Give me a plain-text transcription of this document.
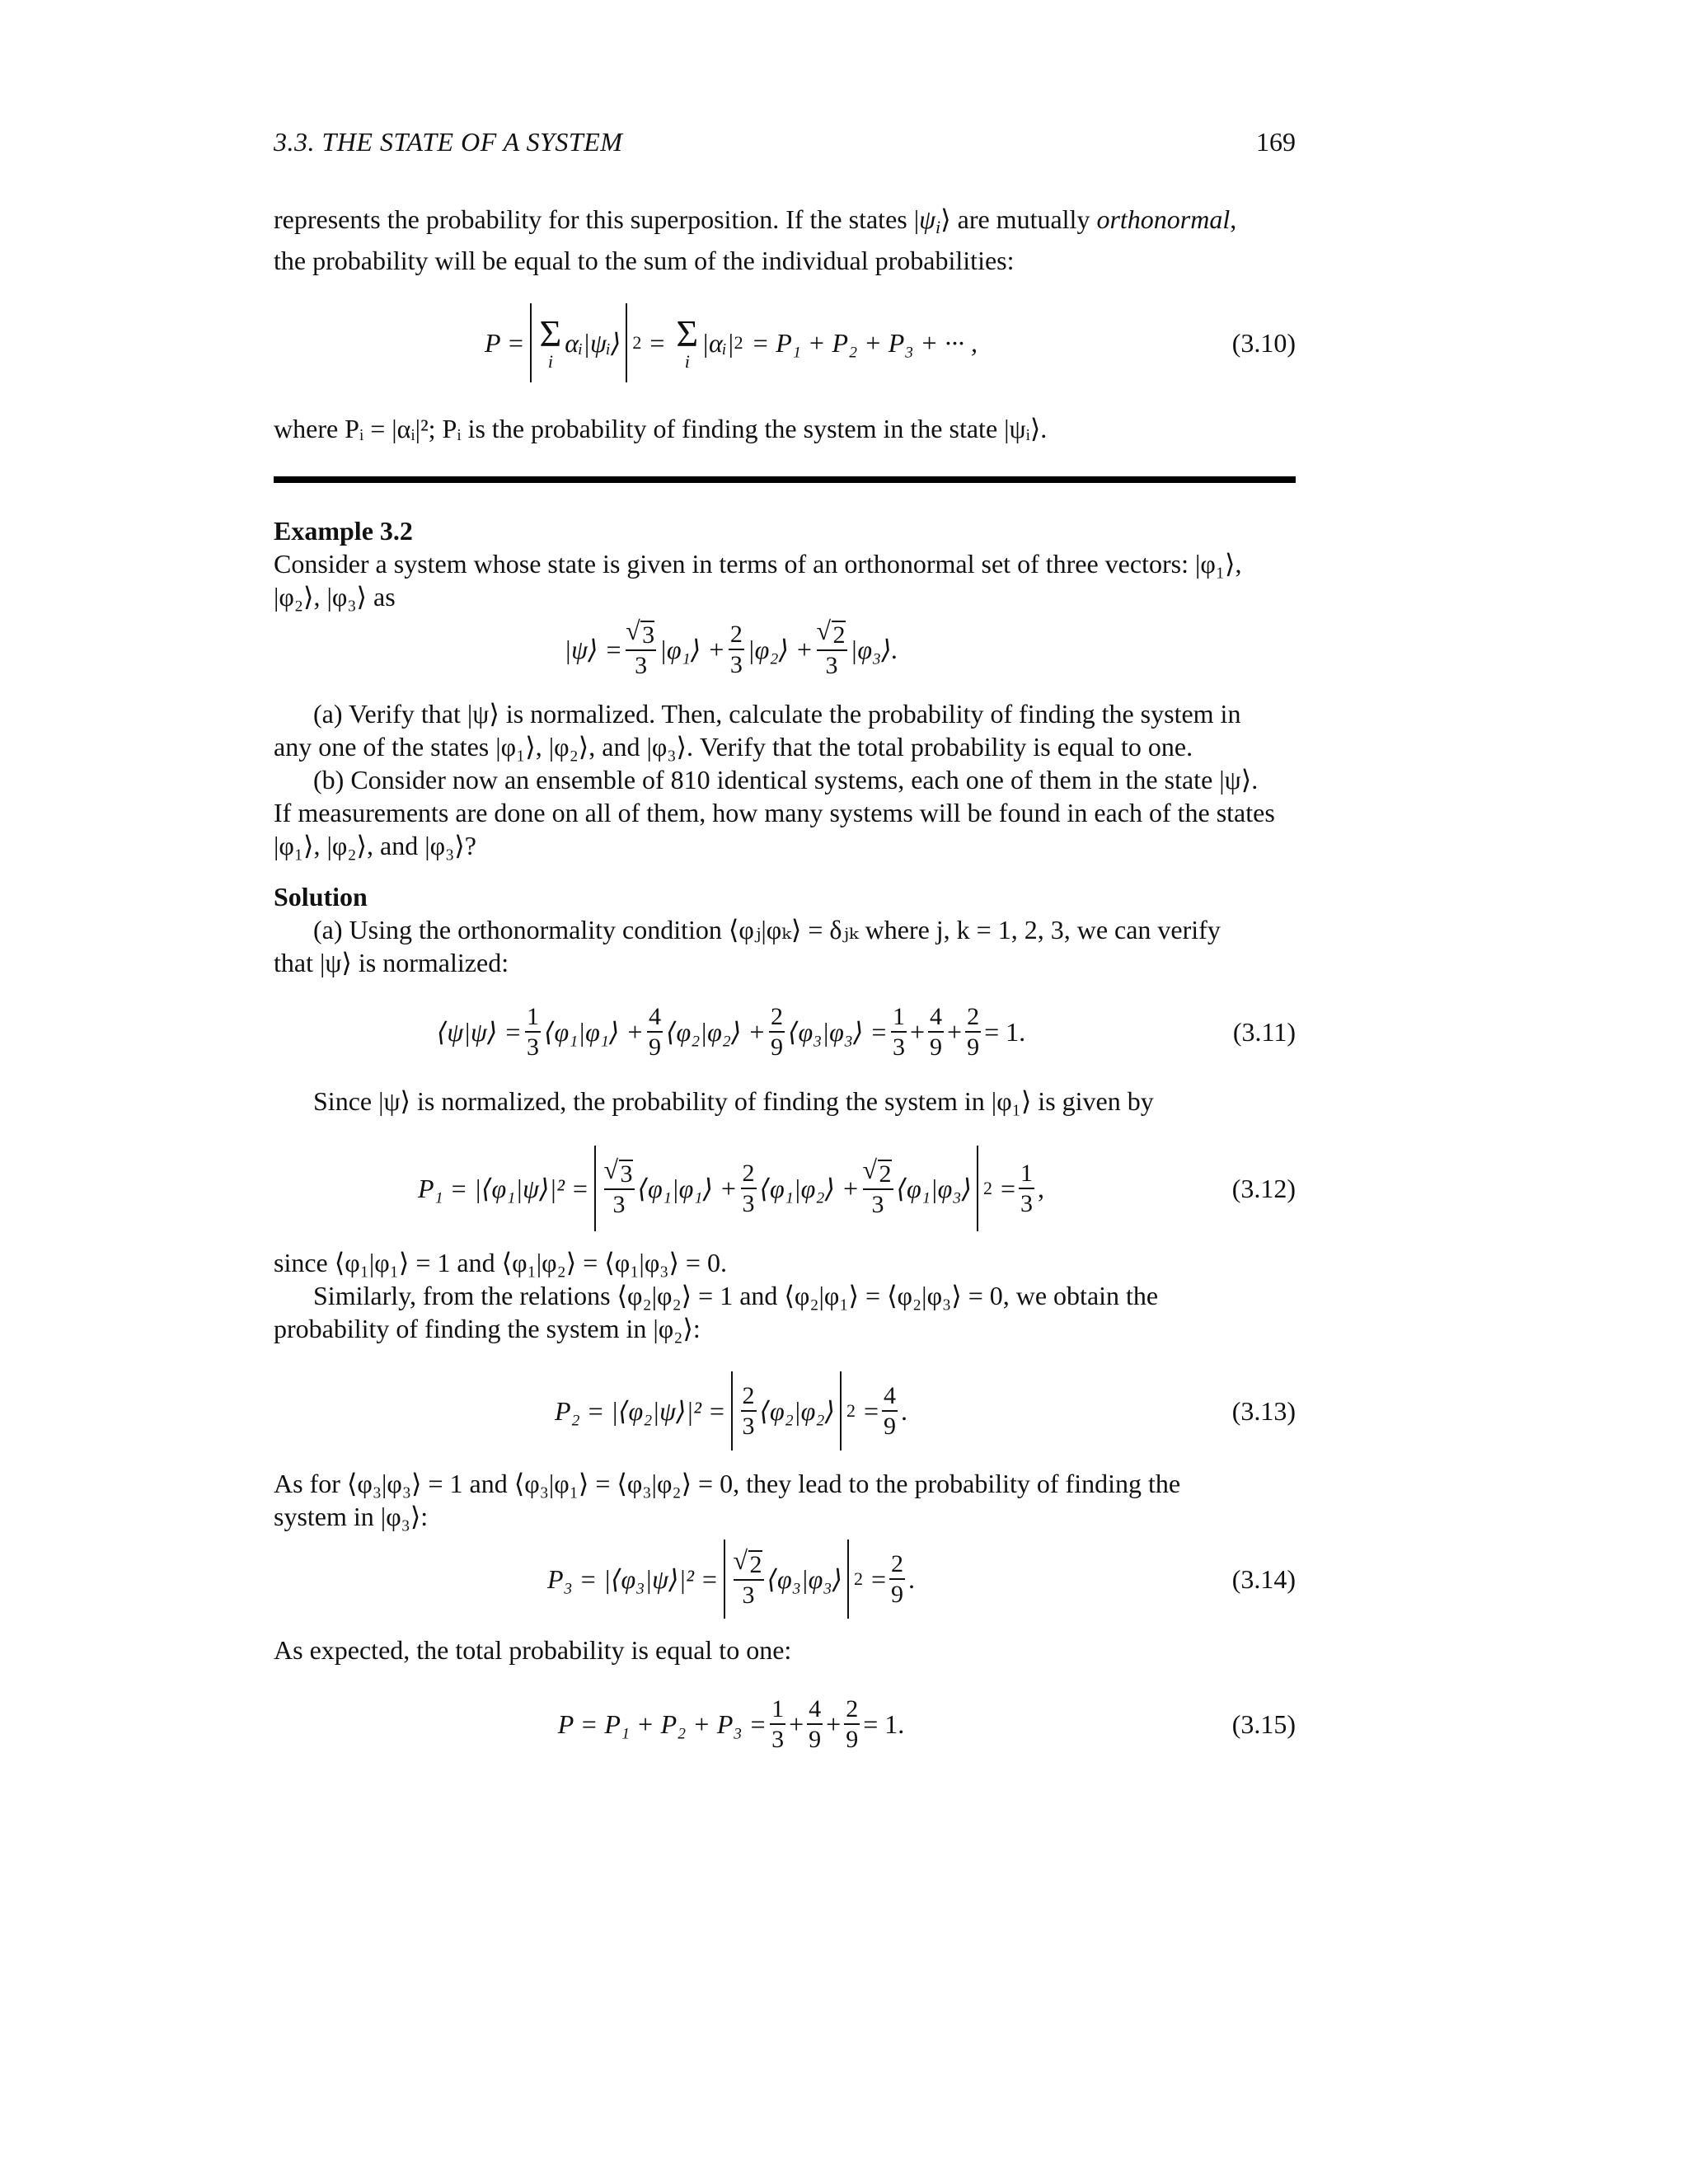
3.3. THE STATE OF A SYSTEM	169
represents the probability for this superposition. If the states $|\psi_i⟩$ are mutually orthonormal,
the probability will be equal to the sum of the individual probabilities:
P = Σ
i
αᵢ|ψᵢ⟩ 2 = Σ
i
|αᵢ| 2 = P₁ + P₂ + P₃ + ··· ,	(3.10)
where Pᵢ = |αᵢ|²; Pᵢ is the probability of finding the system in the state |ψᵢ⟩.
Example 3.2
Consider a system whose state is given in terms of an orthonormal set of three vectors: |φ₁⟩,
|φ₂⟩, |φ₃⟩ as
|ψ⟩ = √ $\frac{3}{3}$ |φ₁⟩ + $\frac{2}{3}$ |φ₂⟩ + √ $\frac{2}{3}$ |φ₃⟩.
(a) Verify that |ψ⟩ is normalized. Then, calculate the probability of finding the system in
any one of the states |φ₁⟩, |φ₂⟩, and |φ₃⟩. Verify that the total probability is equal to one.
(b) Consider now an ensemble of 810 identical systems, each one of them in the state |ψ⟩.
If measurements are done on all of them, how many systems will be found in each of the states
|φ₁⟩, |φ₂⟩, and |φ₃⟩?
Solution
(a) Using the orthonormality condition ⟨φⱼ|φₖ⟩ = δⱼₖ where j, k = 1, 2, 3, we can verify
that |ψ⟩ is normalized:
⟨ψ|ψ⟩ = $\frac{1}{3}$ ⟨φ₁|φ₁⟩ + $\frac{4}{9}$ ⟨φ₂|φ₂⟩ + $\frac{2}{9}$ ⟨φ₃|φ₃⟩ = $\frac{1}{3} + \frac{4}{9} + \frac{2}{9} = 1$.	(3.11)
Since |ψ⟩ is normalized, the probability of finding the system in |φ₁⟩ is given by
P₁ = |⟨φ₁|ψ⟩|² = √ $\frac{3}{3}$ ⟨φ₁|φ₁⟩ + $\frac{2}{3}$ ⟨φ₁|φ₂⟩ + √ $\frac{2}{3}$ ⟨φ₁|φ₃⟩ $2 = \frac{1}{3}$ ,	(3.12)
since ⟨φ₁|φ₁⟩ = 1 and ⟨φ₁|φ₂⟩ = ⟨φ₁|φ₃⟩ = 0.
Similarly, from the relations ⟨φ₂|φ₂⟩ = 1 and ⟨φ₂|φ₁⟩ = ⟨φ₂|φ₃⟩ = 0, we obtain the
probability of finding the system in |φ₂⟩:
P₂ = |⟨φ₂|ψ⟩|² = $\frac{2}{3}$ ⟨φ₂|φ₂⟩ $2 = \frac{4}{9}$ .	(3.13)
As for ⟨φ₃|φ₃⟩ = 1 and ⟨φ₃|φ₁⟩ = ⟨φ₃|φ₂⟩ = 0, they lead to the probability of finding the
system in |φ₃⟩:
P₃ = |⟨φ₃|ψ⟩|² = √ $\frac{2}{3}$ ⟨φ₃|φ₃⟩ $2 = \frac{2}{9}$ .	(3.14)
As expected, the total probability is equal to one:
$P = P_1 + P_2 + P_3 = \frac{1}{3} + \frac{4}{9} + \frac{2}{9} = 1$.	(3.15)
